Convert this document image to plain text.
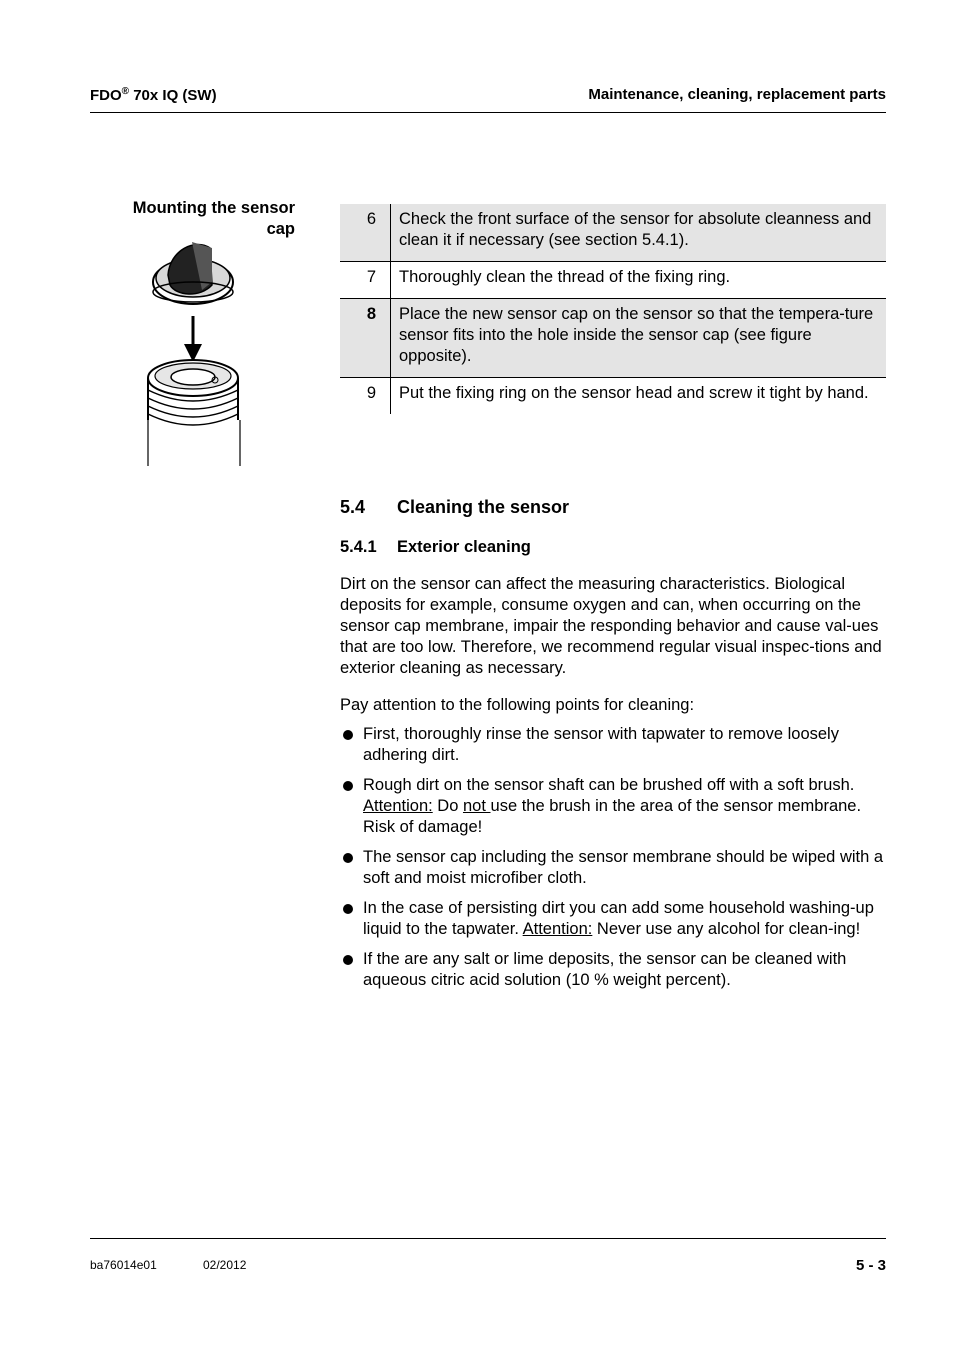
FDO® 70x IQ (SW)	Maintenance, cleaning, replacement parts
Mounting the sensor
cap
6	Check the front surface of the sensor for absolute cleanness and clean it if necessary (see section 5.4.1).
7	Thoroughly clean the thread of the fixing ring.
8	Place the new sensor cap on the sensor so that the tempera-ture sensor fits into the hole inside the sensor cap (see figure opposite).
9	Put the fixing ring on the sensor head and screw it tight by hand.
5.4 Cleaning the sensor
5.4.1 Exterior cleaning
Dirt on the sensor can affect the measuring characteristics. Biological deposits for example, consume oxygen and can, when occurring on the sensor cap membrane, impair the responding behavior and cause val-ues that are too low. Therefore, we recommend regular visual inspec-tions and exterior cleaning as necessary.
Pay attention to the following points for cleaning:
First, thoroughly rinse the sensor with tapwater to remove loosely adhering dirt.
Rough dirt on the sensor shaft can be brushed off with a soft brush. Attention: Do not use the brush in the area of the sensor membrane. Risk of damage!
The sensor cap including the sensor membrane should be wiped with a soft and moist microfiber cloth.
In the case of persisting dirt you can add some household washing-up liquid to the tapwater. Attention: Never use any alcohol for clean-ing!
If the are any salt or lime deposits, the sensor can be cleaned with aqueous citric acid solution (10 % weight percent).
ba76014e01	02/2012	5 - 3
